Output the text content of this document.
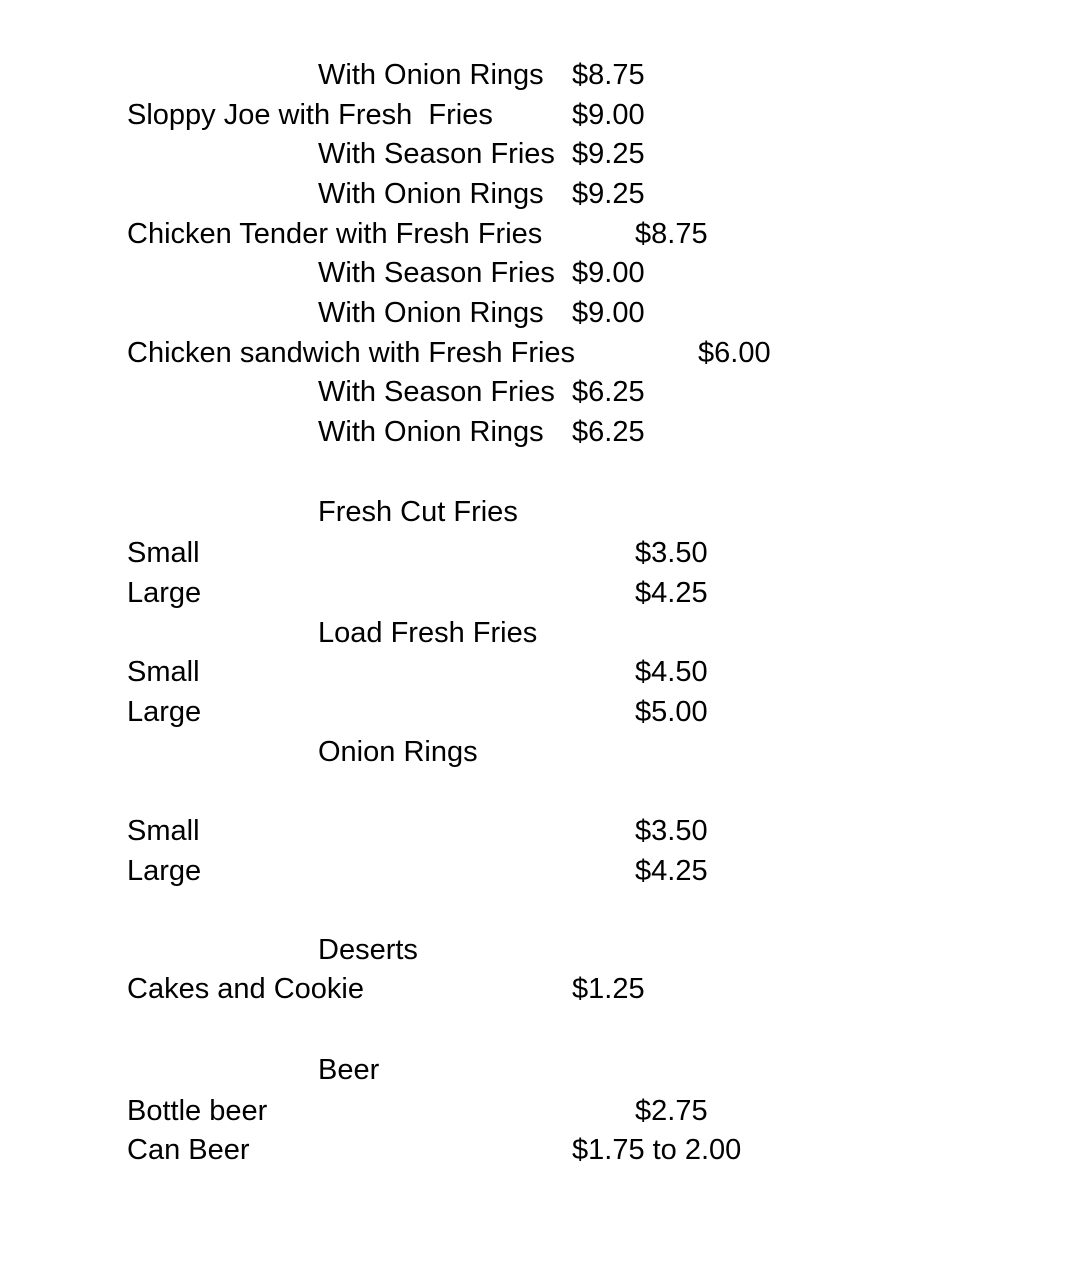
With Onion Rings $8.75
Sloppy Joe with Fresh  Fries	$9.00
With Season Fries $9.25
With Onion Rings $9.25
Chicken Tender with Fresh Fries	$8.75
With Season Fries $9.00
With Onion Rings $9.00
Chicken sandwich with Fresh Fries	$6.00
With Season Fries $6.25
With Onion Rings $6.25
Fresh Cut Fries
Small	$3.50
Large	$4.25
Load Fresh Fries
Small	$4.50
Large	$5.00
Onion Rings
Small	$3.50
Large	$4.25
Deserts
Cakes and Cookie	$1.25
Beer
Bottle beer	$2.75
Can Beer	$1.75 to 2.00
